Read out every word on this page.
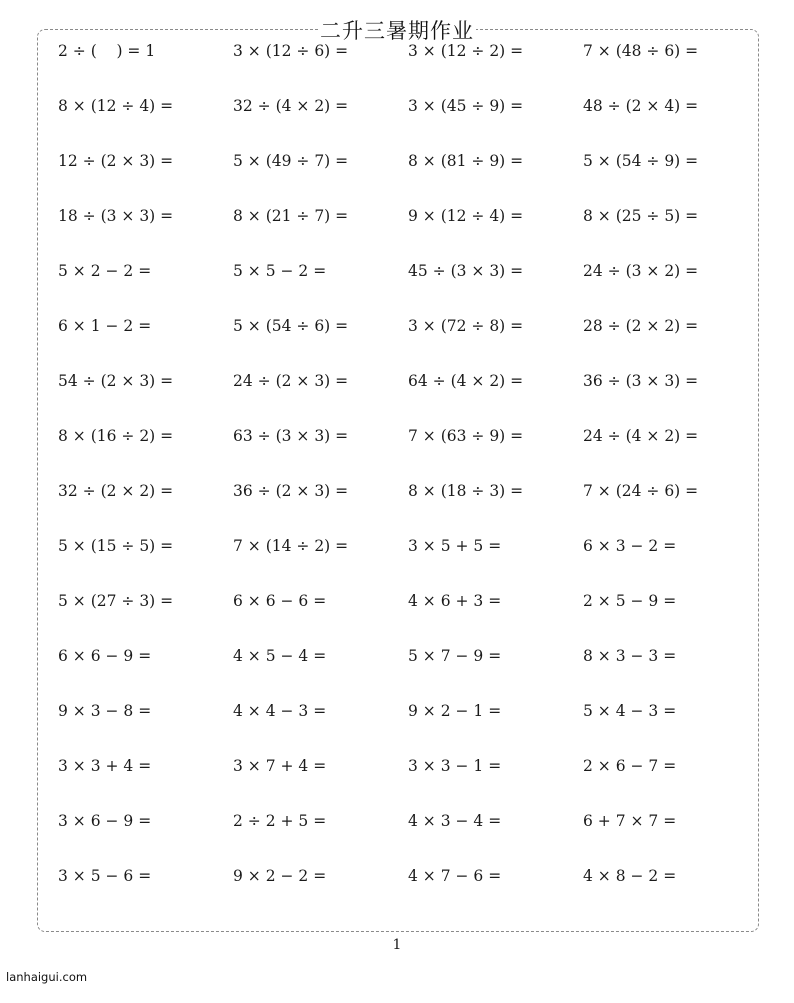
二升三暑期作业
2 ÷ (    ) = 1	3 × (12 ÷ 6) =	3 × (12 ÷ 2) =	7 × (48 ÷ 6) =
8 × (12 ÷ 4) =	32 ÷ (4 × 2) =	3 × (45 ÷ 9) =	48 ÷ (2 × 4) =
12 ÷ (2 × 3) =	5 × (49 ÷ 7) =	8 × (81 ÷ 9) =	5 × (54 ÷ 9) =
18 ÷ (3 × 3) =	8 × (21 ÷ 7) =	9 × (12 ÷ 4) =	8 × (25 ÷ 5) =
5 × 2 − 2 =	5 × 5 − 2 =	45 ÷ (3 × 3) =	24 ÷ (3 × 2) =
6 × 1 − 2 =	5 × (54 ÷ 6) =	3 × (72 ÷ 8) =	28 ÷ (2 × 2) =
54 ÷ (2 × 3) =	24 ÷ (2 × 3) =	64 ÷ (4 × 2) =	36 ÷ (3 × 3) =
8 × (16 ÷ 2) =	63 ÷ (3 × 3) =	7 × (63 ÷ 9) =	24 ÷ (4 × 2) =
32 ÷ (2 × 2) =	36 ÷ (2 × 3) =	8 × (18 ÷ 3) =	7 × (24 ÷ 6) =
5 × (15 ÷ 5) =	7 × (14 ÷ 2) =	3 × 5 + 5 =	6 × 3 − 2 =
5 × (27 ÷ 3) =	6 × 6 − 6 =	4 × 6 + 3 =	2 × 5 − 9 =
6 × 6 − 9 =	4 × 5 − 4 =	5 × 7 − 9 =	8 × 3 − 3 =
9 × 3 − 8 =	4 × 4 − 3 =	9 × 2 − 1 =	5 × 4 − 3 =
3 × 3 + 4 =	3 × 7 + 4 =	3 × 3 − 1 =	2 × 6 − 7 =
3 × 6 − 9 =	2 ÷ 2 + 5 =	4 × 3 − 4 =	6 + 7 × 7 =
3 × 5 − 6 =	9 × 2 − 2 =	4 × 7 − 6 =	4 × 8 − 2 =
1
lanhaigui.com
